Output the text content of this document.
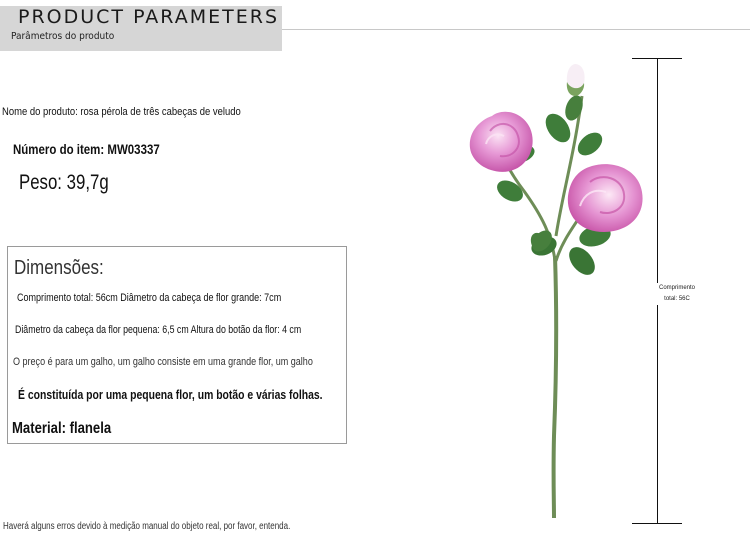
PRODUCT PARAMETERS
Parâmetros do produto
Nome do produto: rosa pérola de três cabeças de veludo
Número do item: MW03337
Peso: 39,7g
Dimensões:
Comprimento total: 56cm Diâmetro da cabeça de flor grande: 7cm
Diâmetro da cabeça da flor pequena: 6,5 cm Altura do botão da flor: 4 cm
O preço é para um galho, um galho consiste em uma grande flor, um galho
É constituída por uma pequena flor, um botão e várias folhas.
Material: flanela
Haverá alguns erros devido à medição manual do objeto real, por favor, entenda.
Comprimento
total: 56C
